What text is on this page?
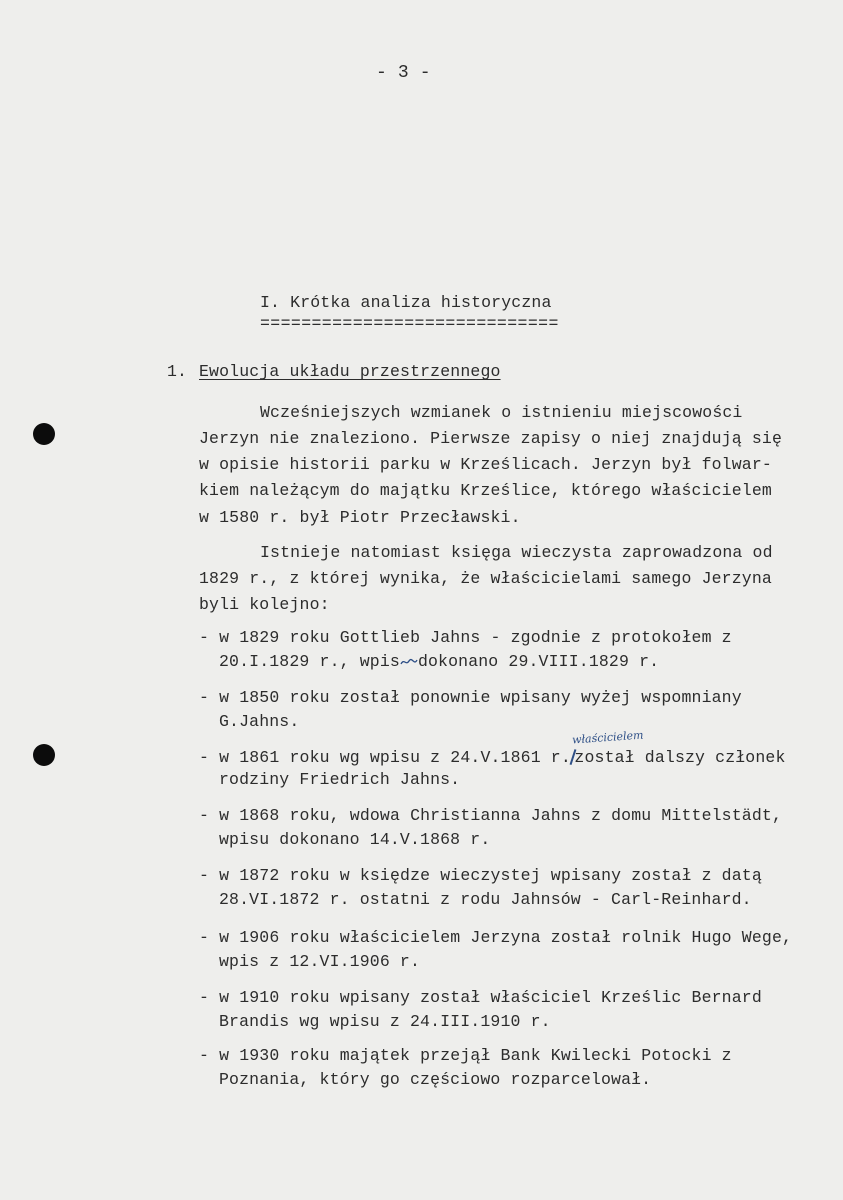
- 3 -
I. Krótka analiza historyczna
=============================
1. Ewolucja układu przestrzennego
Wcześniejszych wzmianek o istnieniu miejscowości
Jerzyn nie znaleziono. Pierwsze zapisy o niej znajdują się
w opisie historii parku w Krześlicach. Jerzyn był folwar-
kiem należącym do majątku Krześlice, którego właścicielem
w 1580 r. był Piotr Przecławski.
Istnieje natomiast księga wieczysta zaprowadzona od
1829 r., z której wynika, że właścicielami samego Jerzyna
byli kolejno:
- w 1829 roku Gottlieb Jahns - zgodnie z protokołem z
20.I.1829 r., wpis dokonano 29.VIII.1829 r.
- w 1850 roku został ponownie wpisany wyżej wspomniany
G.Jahns.
właścicielem
- w 1861 roku wg wpisu z 24.V.1861 r. został dalszy członek
rodziny Friedrich Jahns.
- w 1868 roku, wdowa Christianna Jahns z domu Mittelstädt,
wpisu dokonano 14.V.1868 r.
- w 1872 roku w księdze wieczystej wpisany został z datą
28.VI.1872 r. ostatni z rodu Jahnsów - Carl-Reinhard.
- w 1906 roku właścicielem Jerzyna został rolnik Hugo Wege,
wpis z 12.VI.1906 r.
- w 1910 roku wpisany został właściciel Krześlic Bernard
Brandis wg wpisu z 24.III.1910 r.
- w 1930 roku majątek przejął Bank Kwilecki Potocki z
Poznania, który go częściowo rozparcelował.
